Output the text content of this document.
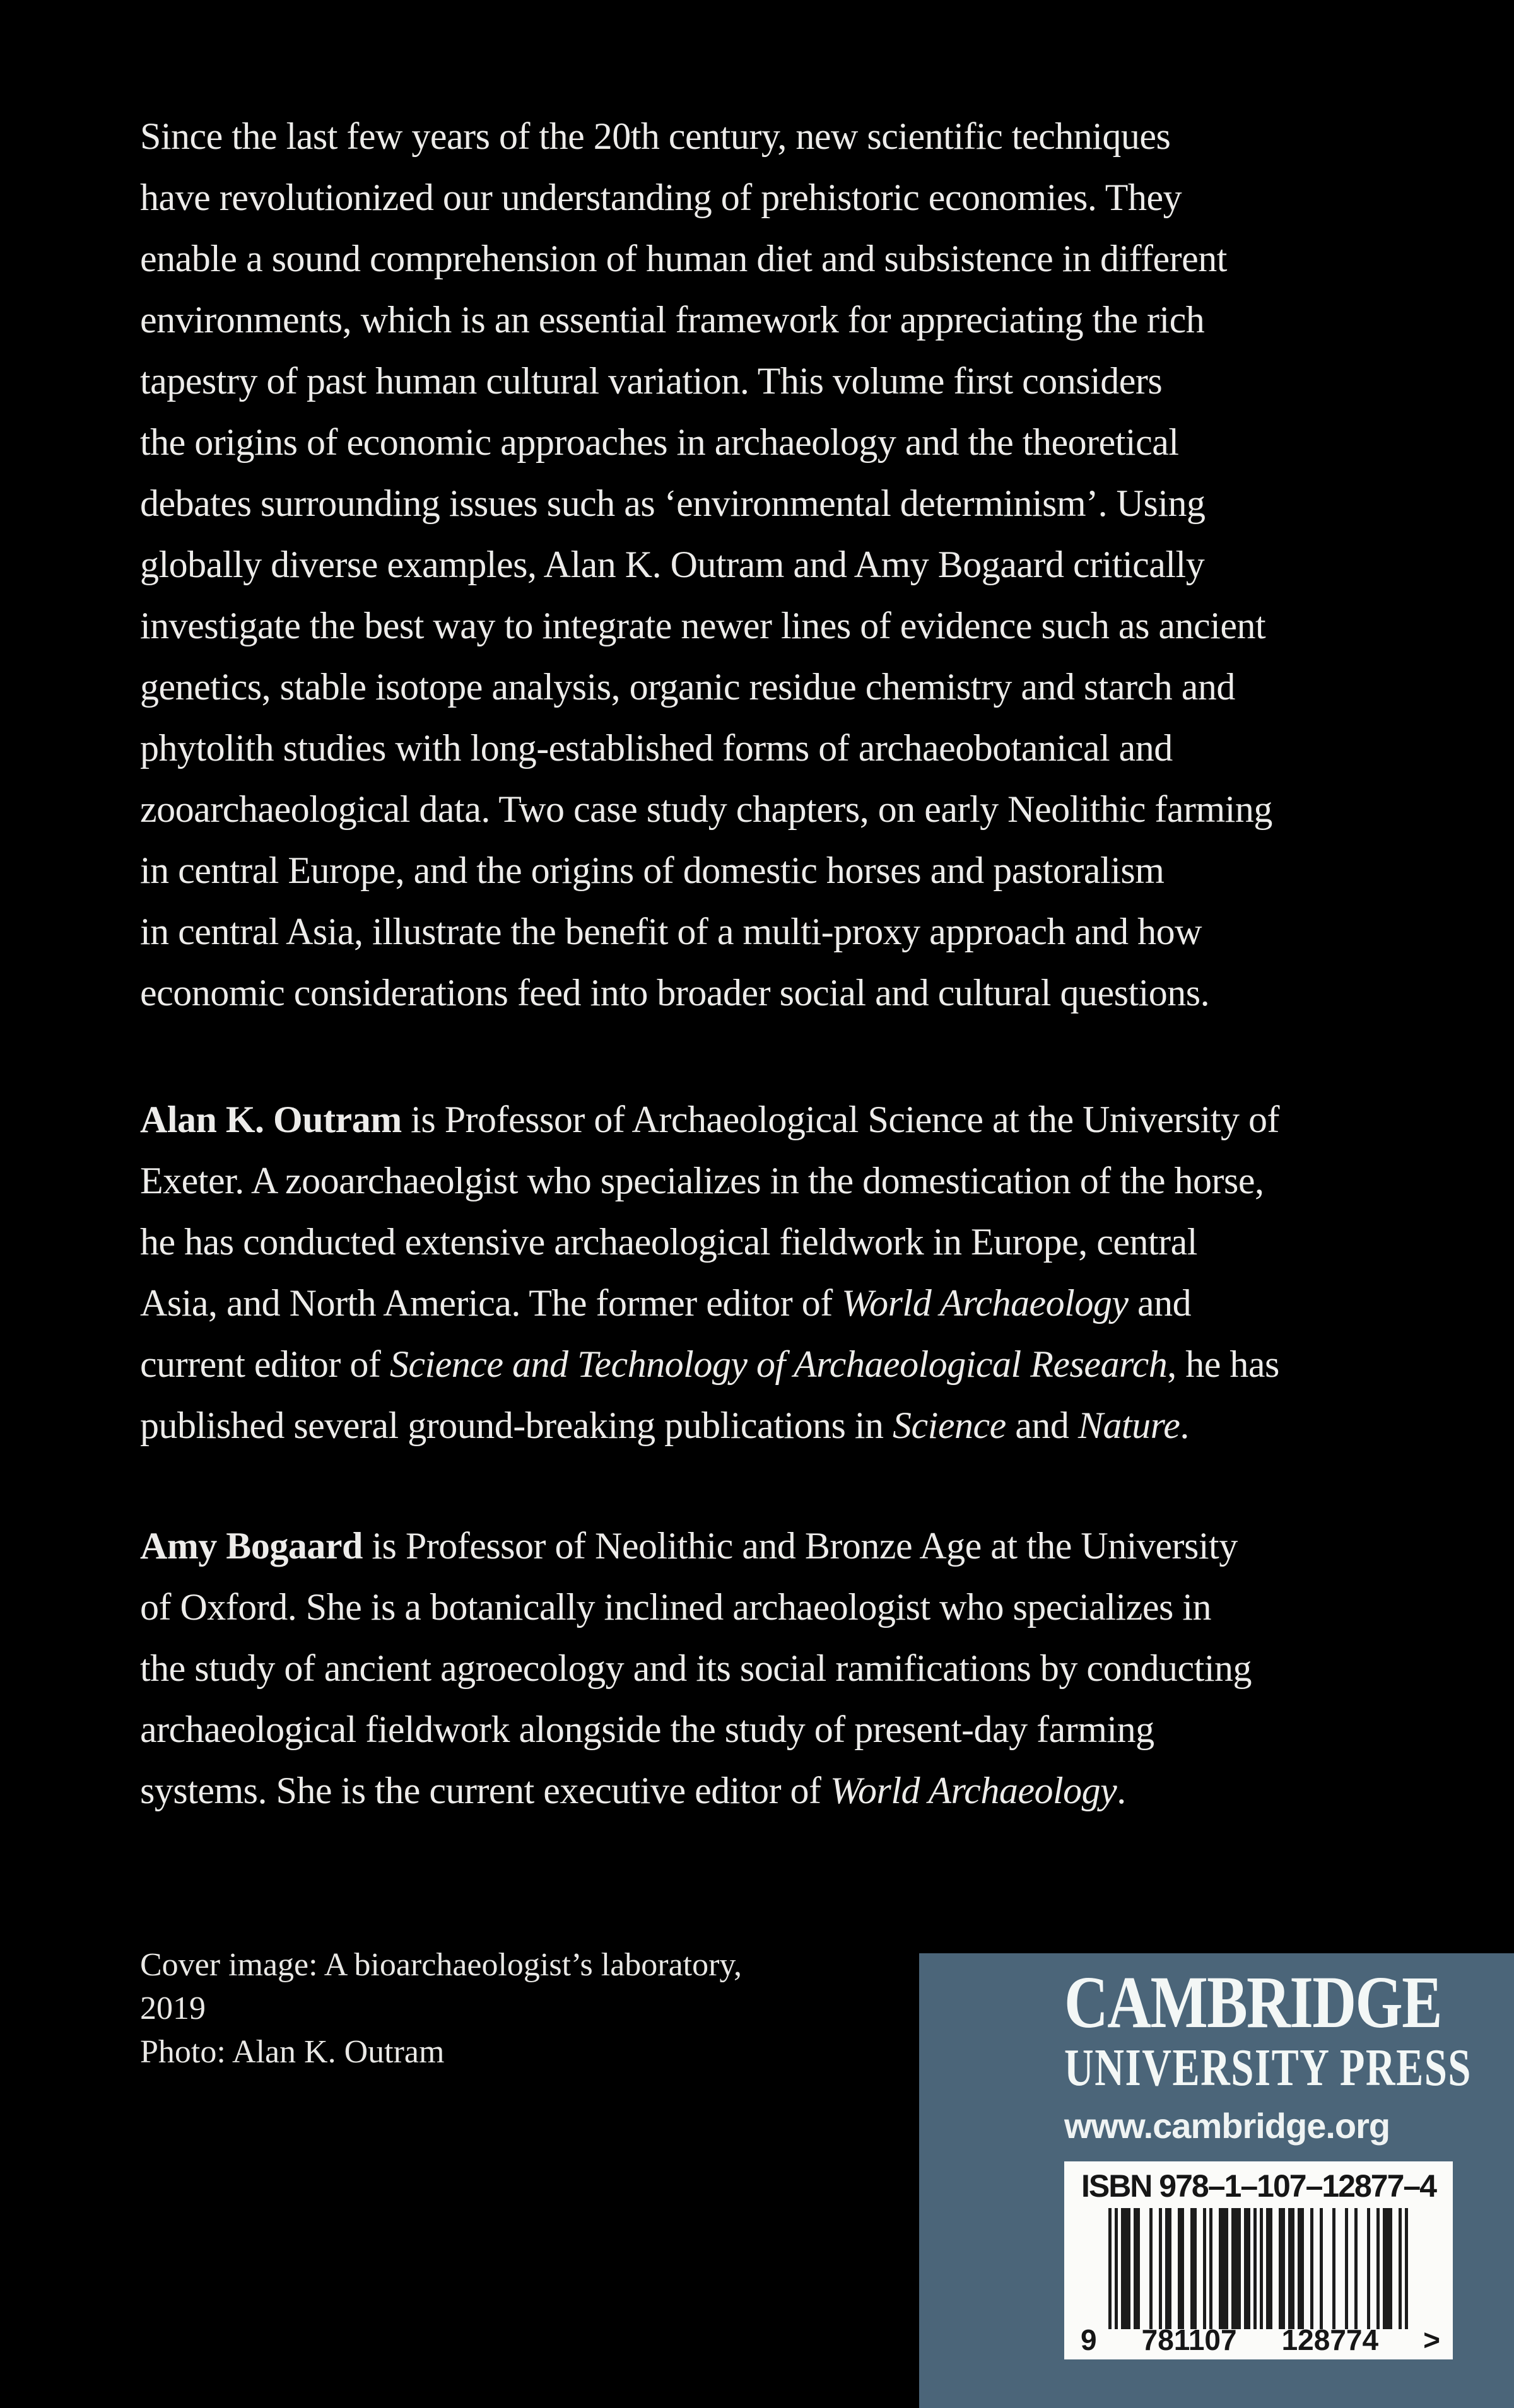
Since the last few years of the 20th century, new scientific techniques
have revolutionized our understanding of prehistoric economies. They
enable a sound comprehension of human diet and subsistence in different
environments, which is an essential framework for appreciating the rich
tapestry of past human cultural variation. This volume first considers
the origins of economic approaches in archaeology and the theoretical
debates surrounding issues such as ‘environmental determinism’. Using
globally diverse examples, Alan K. Outram and Amy Bogaard critically
investigate the best way to integrate newer lines of evidence such as ancient
genetics, stable isotope analysis, organic residue chemistry and starch and
phytolith studies with long-established forms of archaeobotanical and
zooarchaeological data. Two case study chapters, on early Neolithic farming
in central Europe, and the origins of domestic horses and pastoralism
in central Asia, illustrate the benefit of a multi-proxy approach and how
economic considerations feed into broader social and cultural questions.
Alan K. Outram is Professor of Archaeological Science at the University of
Exeter. A zooarchaeolgist who specializes in the domestication of the horse,
he has conducted extensive archaeological fieldwork in Europe, central
Asia, and North America. The former editor of World Archaeology and
current editor of Science and Technology of Archaeological Research, he has
published several ground-breaking publications in Science and Nature.
Amy Bogaard is Professor of Neolithic and Bronze Age at the University
of Oxford. She is a botanically inclined archaeologist who specializes in
the study of ancient agroecology and its social ramifications by conducting
archaeological fieldwork alongside the study of present-day farming
systems. She is the current executive editor of World Archaeology.
Cover image: A bioarchaeologist’s laboratory,
2019
Photo: Alan K. Outram
CAMBRIDGE
UNIVERSITY PRESS
www.cambridge.org
ISBN 978–1–107–12877–4
9 781107 128774 >
